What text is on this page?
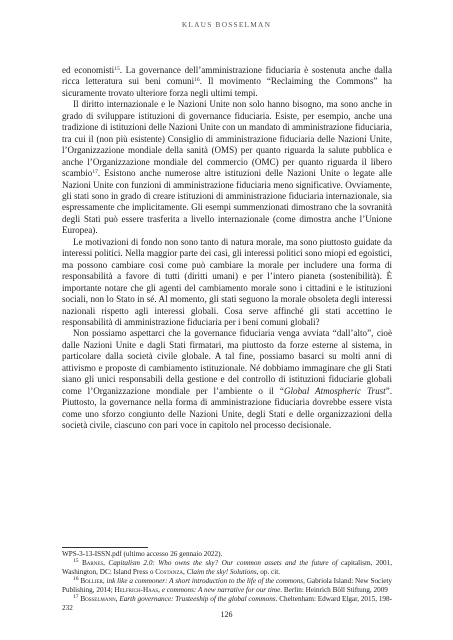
KLAUS BOSSELMAN

ed economisti$^{15}$. La governance dell’amministrazione fiduciaria è sostenuta anche dalla ricca letteratura sui beni comuni$^{16}$. Il movimento “Reclaiming the Commons” ha sicuramente trovato ulteriore forza negli ultimi tempi.

Il diritto internazionale e le Nazioni Unite non solo hanno bisogno, ma sono anche in grado di sviluppare istituzioni di governance fiduciaria. Esiste, per esempio, anche una tradizione di istituzioni delle Nazioni Unite con un mandato di amministrazione fiduciaria, tra cui il (non più esistente) Consiglio di amministrazione fiduciaria delle Nazioni Unite, l’Organizzazione mondiale della sanità (OMS) per quanto riguarda la salute pubblica e anche l’Organizzazione mondiale del commercio (OMC) per quanto riguarda il libero scambio$^{17}$. Esistono anche numerose altre istituzioni delle Nazioni Unite o legate alle Nazioni Unite con funzioni di amministrazione fiduciaria meno significative. Ovviamente, gli stati sono in grado di creare istituzioni di amministrazione fiduciaria internazionale, sia espressamente che implicitamente. Gli esempi summenzionati dimostrano che la sovranità degli Stati può essere trasferita a livello internazionale (come dimostra anche l’Unione Europea).

Le motivazioni di fondo non sono tanto di natura morale, ma sono piuttosto guidate da interessi politici. Nella maggior parte dei casi, gli interessi politici sono miopi ed egoistici, ma possono cambiare così come può cambiare la morale per includere una forma di responsabilità a favore di tutti (diritti umani) e per l’intero pianeta (sostenibilità). È importante notare che gli agenti del cambiamento morale sono i cittadini e le istituzioni sociali, non lo Stato in sé. Al momento, gli stati seguono la morale obsoleta degli interessi nazionali rispetto agli interessi globali. Cosa serve affinché gli stati accettino le responsabilità di amministrazione fiduciaria per i beni comuni globali?

Non possiamo aspettarci che la governance fiduciaria venga avviata “dall’alto”, cioè dalle Nazioni Unite e dagli Stati firmatari, ma piuttosto da forze esterne al sistema, in particolare dalla società civile globale. A tal fine, possiamo basarci su molti anni di attivismo e proposte di cambiamento istituzionale. Né dobbiamo immaginare che gli Stati siano gli unici responsabili della gestione e del controllo di istituzioni fiduciarie globali come l’Organizzazione mondiale per l’ambiente o il “Global Atmospheric Trust”. Piuttosto, la governance nella forma di amministrazione fiduciaria dovrebbe essere vista come uno sforzo congiunto delle Nazioni Unite, degli Stati e delle organizzazioni della società civile, ciascuno con pari voce in capitolo nel processo decisionale.

WPS-3-13-ISSN.pdf (ultimo accesso 26 gennaio 2022).

$^{15}$ Barnes, Capitalism 2.0: Who owns the sky? Our common assets and the future of capitalism, 2001, Washington, DC: Island Press o Costanza, Claim the sky! Solutions, op. cit.

$^{16}$ Bollier, ink like a commoner: A short introduction to the life of the commons, Gabriola Island: New Society Publishing, 2014; Helfrich-Haas, e commons: A new narrative for our time. Berlin: Heinrich Böll Stiftung, 2009

$^{17}$ Bosselmann, Earth governance: Trusteeship of the global commons. Cheltenham: Edward Elgar, 2015, 198-232

126
